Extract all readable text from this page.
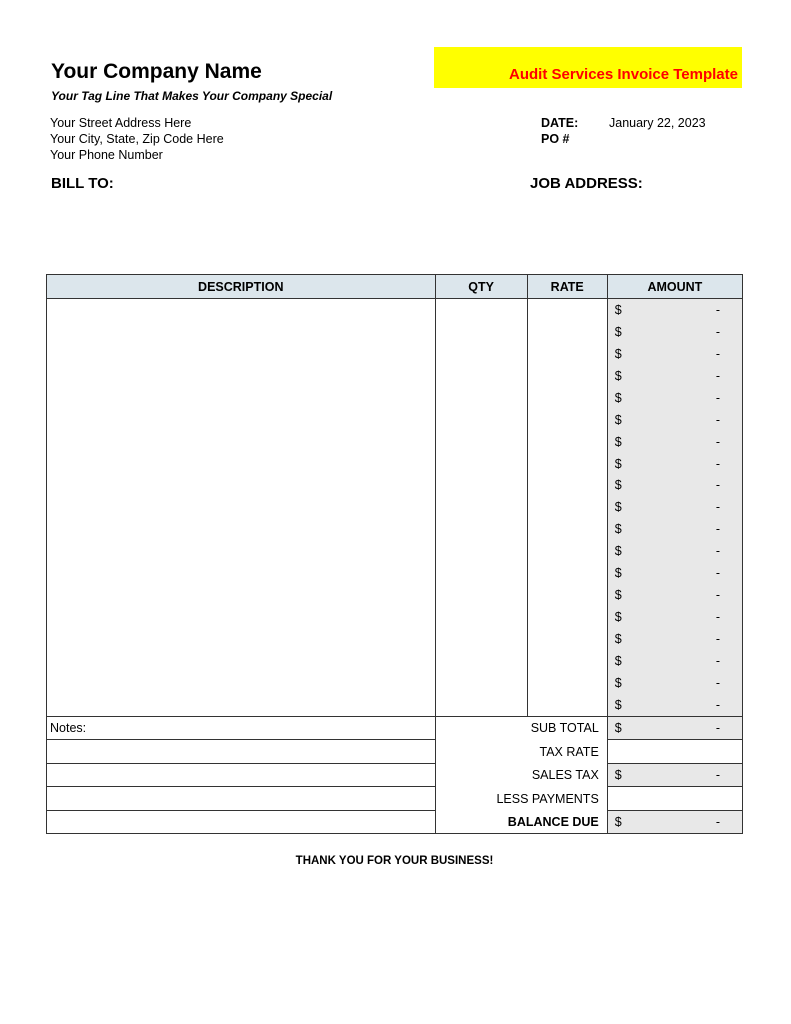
Your Company Name
Your Tag Line That Makes Your Company Special
Your Street Address Here
Your City, State, Zip Code Here
Your Phone Number
Audit Services Invoice Template
DATE: January 22, 2023
PO #
BILL TO:	JOB ADDRESS:
DESCRIPTION	QTY	RATE	AMOUNT

			$ -

			$ -

			$ -

			$ -

			$ -

			$ -

			$ -

			$ -

			$ -

			$ -

			$ -

			$ -

			$ -

			$ -

			$ -

			$ -

			$ -

			$ -

			$ -

Notes:	SUB TOTAL		$ -

	TAX RATE		
	SALES TAX		$ -

	LESS PAYMENTS		
	BALANCE DUE		$ -
THANK YOU FOR YOUR BUSINESS!
